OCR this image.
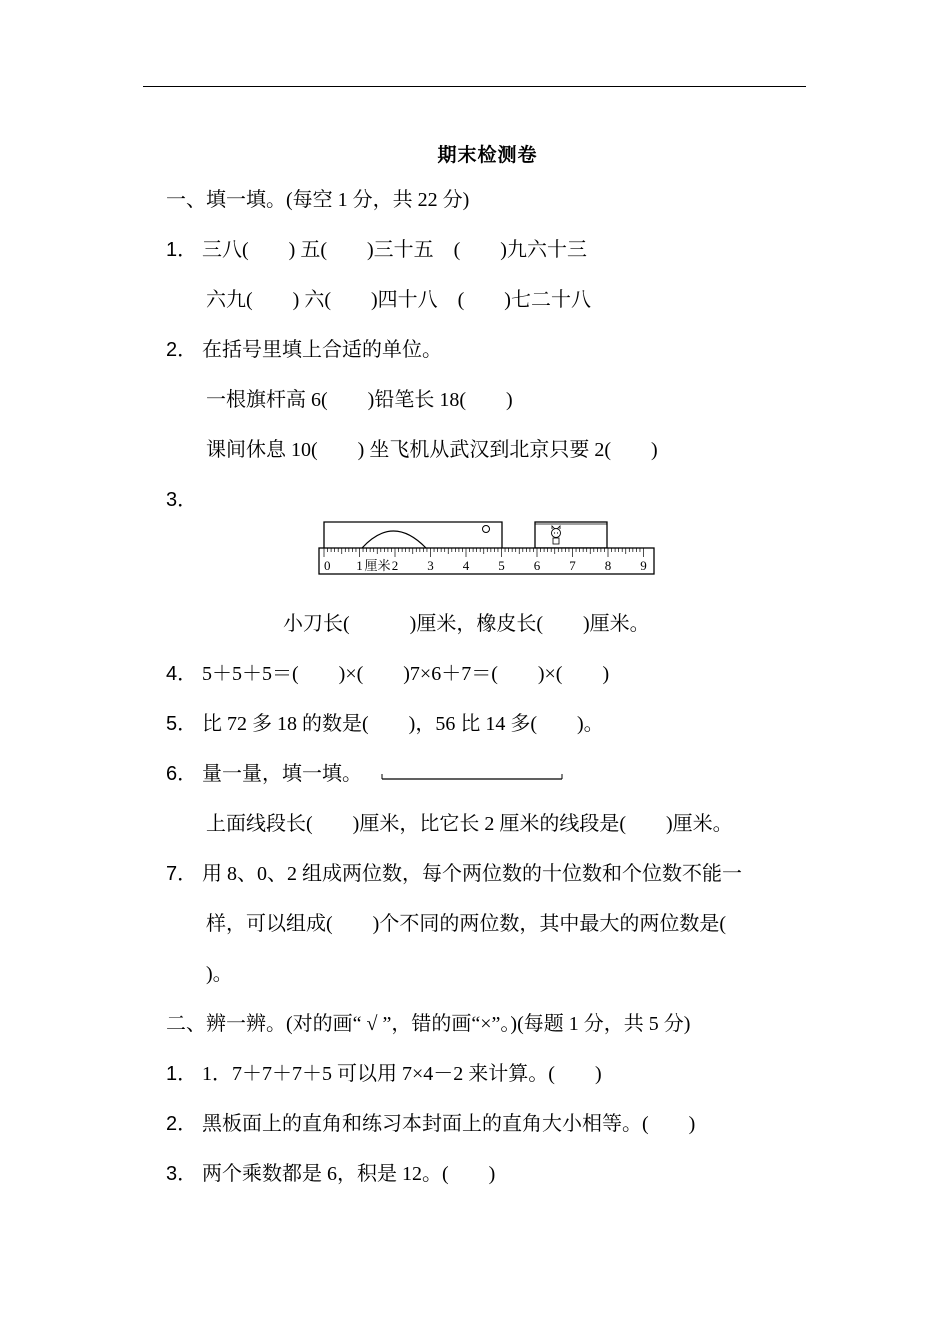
期末检测卷
一、填一填。(每空 1 分，共 22 分)
1． 三八(　　) 五(　　)三十五　(　　)九六十三
六九(　　) 六(　　)四十八　(　　)七二十八
2． 在括号里填上合适的单位。
一根旗杆高 6(　　)铅笔长 18(　　)
课间休息 10(　　) 坐飞机从武汉到北京只要 2(　　)
3．
0 1 2 3 4 5 6 7 8 9
厘米
小刀长(　　　)厘米，橡皮长(　　)厘米。
4． 5＋5＋5＝(　　)×(　　)7×6＋7＝(　　)×(　　)
5． 比 72 多 18 的数是(　　)，56 比 14 多(　　)。
6． 量一量，填一填。
上面线段长(　　)厘米，比它长 2 厘米的线段是(　　)厘米。
7． 用 8、0、2 组成两位数，每个两位数的十位数和个位数不能一
样，可以组成(　　)个不同的两位数，其中最大的两位数是(
)。
二、辨一辨。(对的画“ √ ”，错的画“×”。)(每题 1 分，共 5 分)
1． 1．7＋7＋7＋5 可以用 7×4－2 来计算。(　　)
2． 黑板面上的直角和练习本封面上的直角大小相等。(　　)
3． 两个乘数都是 6，积是 12。(　　)
